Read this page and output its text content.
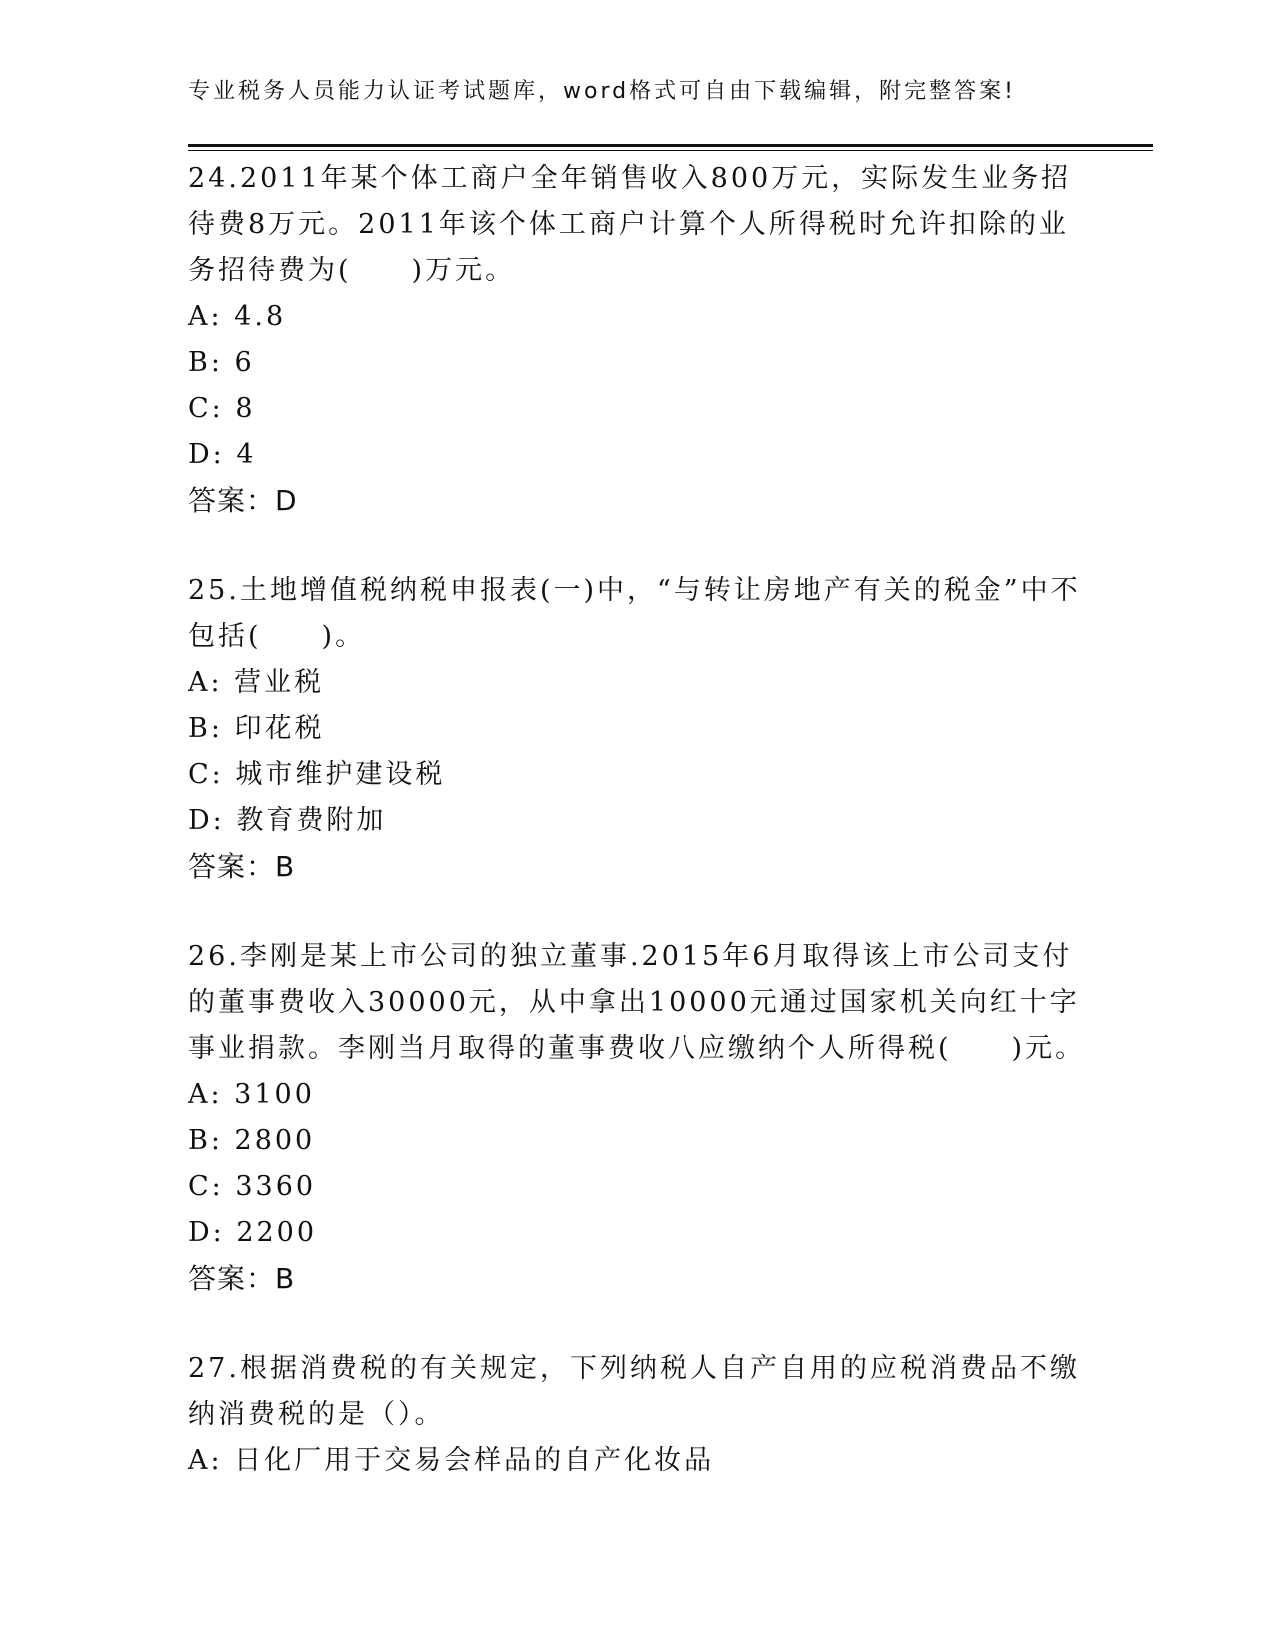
专业税务人员能力认证考试题库，word格式可自由下载编辑，附完整答案!

24.2011年某个体工商户全年销售收入800万元，实际发生业务招待费8万元。2011年该个体工商户计算个人所得税时允许扣除的业务招待费为(　　)万元。

A: 4.8

B: 6

C: 8

D: 4

答案：D

25.土地增值税纳税申报表(一)中，“与转让房地产有关的税金”中不包括(　　)。

A: 营业税

B: 印花税

C: 城市维护建设税

D: 教育费附加

答案：B

26.李刚是某上市公司的独立董事.2015年6月取得该上市公司支付的董事费收入30000元，从中拿出10000元通过国家机关向红十字事业捐款。李刚当月取得的董事费收八应缴纳个人所得税(　　)元。

A: 3100

B: 2800

C: 3360

D: 2200

答案：B

27.根据消费税的有关规定，下列纳税人自产自用的应税消费品不缴纳消费税的是（）。

A: 日化厂用于交易会样品的自产化妆品
